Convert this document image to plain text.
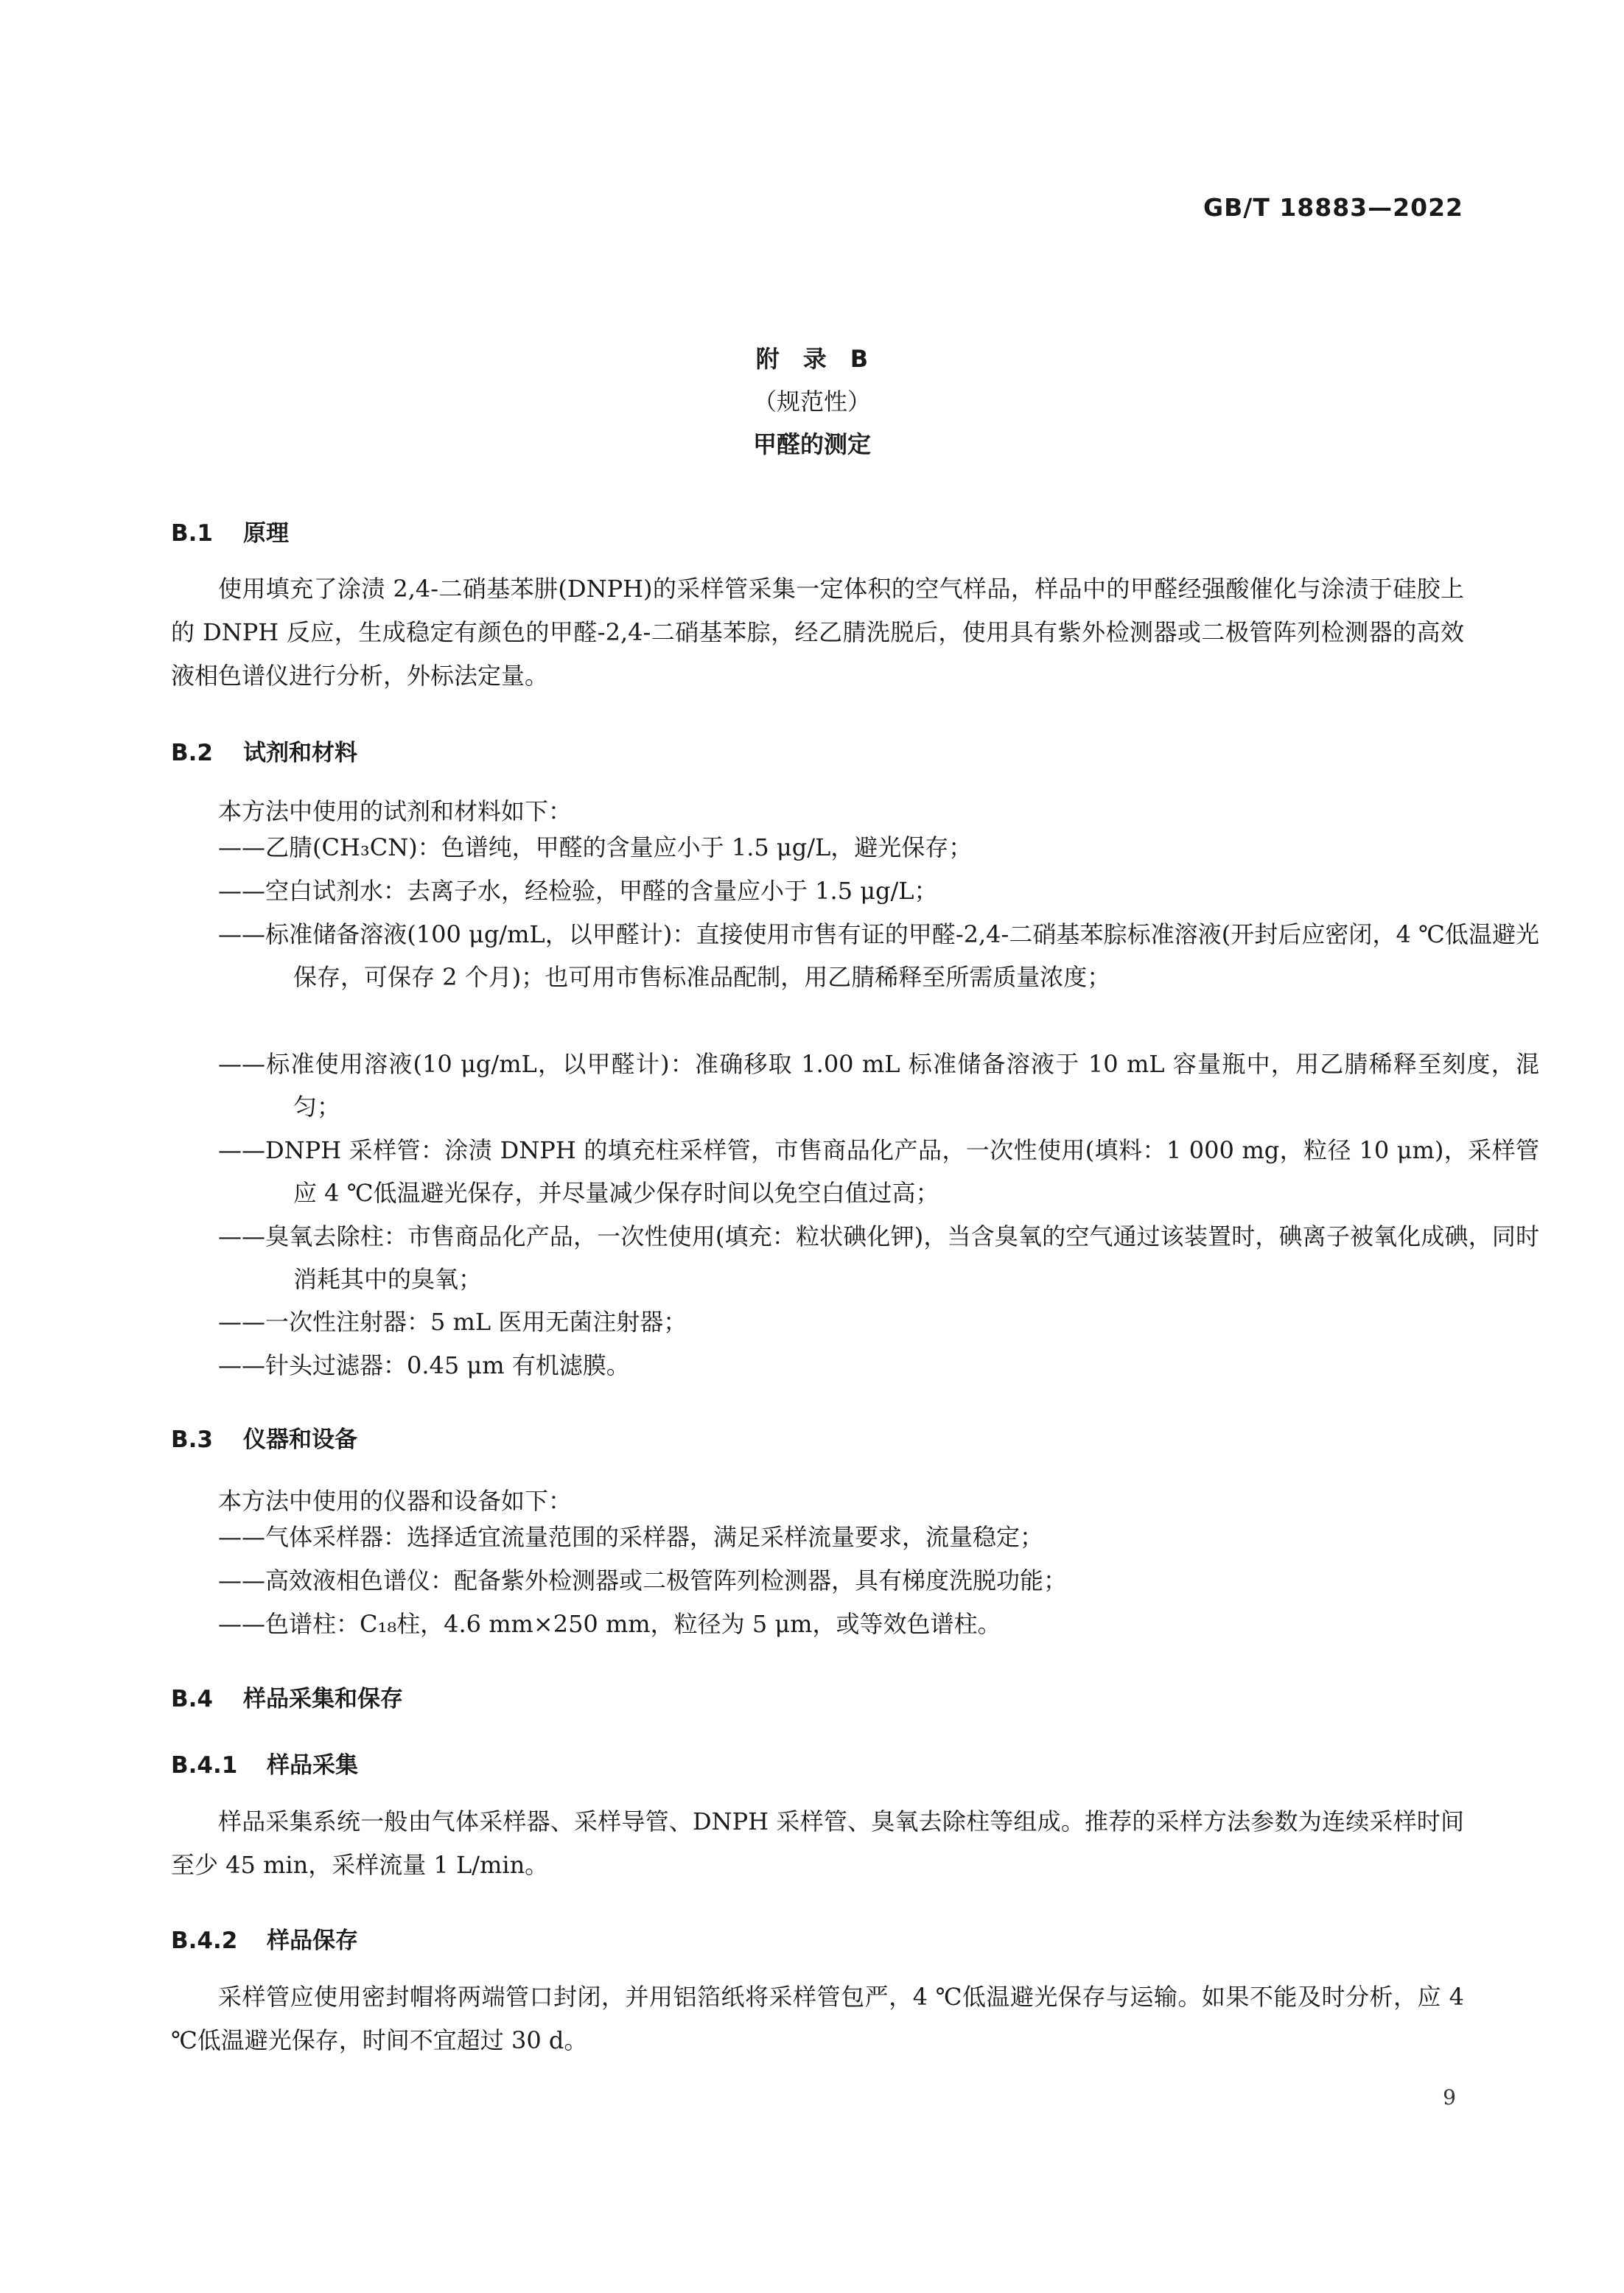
GB/T 18883—2022
附　录　B
（规范性）
甲醛的测定
B.1 原理

使用填充了涂渍 2,4-二硝基苯肼(DNPH)的采样管采集一定体积的空气样品，样品中的甲醛经强酸催化与涂渍于硅胶上的 DNPH 反应，生成稳定有颜色的甲醛-2,4-二硝基苯腙，经乙腈洗脱后，使用具有紫外检测器或二极管阵列检测器的高效液相色谱仪进行分析，外标法定量。

B.2 试剂和材料

本方法中使用的试剂和材料如下：

——乙腈(CH₃CN)：色谱纯，甲醛的含量应小于 1.5 μg/L，避光保存；

——空白试剂水：去离子水，经检验，甲醛的含量应小于 1.5 μg/L；

——标准储备溶液(100 μg/mL，以甲醛计)：直接使用市售有证的甲醛-2,4-二硝基苯腙标准溶液(开封后应密闭，4 ℃低温避光保存，可保存 2 个月)；也可用市售标准品配制，用乙腈稀释至所需质量浓度；

——标准使用溶液(10 μg/mL，以甲醛计)：准确移取 1.00 mL 标准储备溶液于 10 mL 容量瓶中，用乙腈稀释至刻度，混匀；

——DNPH 采样管：涂渍 DNPH 的填充柱采样管，市售商品化产品，一次性使用(填料：1 000 mg，粒径 10 μm)，采样管应 4 ℃低温避光保存，并尽量减少保存时间以免空白值过高；

——臭氧去除柱：市售商品化产品，一次性使用(填充：粒状碘化钾)，当含臭氧的空气通过该装置时，碘离子被氧化成碘，同时消耗其中的臭氧；

——一次性注射器：5 mL 医用无菌注射器；

——针头过滤器：0.45 μm 有机滤膜。

B.3 仪器和设备

本方法中使用的仪器和设备如下：

——气体采样器：选择适宜流量范围的采样器，满足采样流量要求，流量稳定；

——高效液相色谱仪：配备紫外检测器或二极管阵列检测器，具有梯度洗脱功能；

——色谱柱：C₁₈柱，4.6 mm×250 mm，粒径为 5 μm，或等效色谱柱。

B.4 样品采集和保存
B.4.1 样品采集

样品采集系统一般由气体采样器、采样导管、DNPH 采样管、臭氧去除柱等组成。推荐的采样方法参数为连续采样时间至少 45 min，采样流量 1 L/min。

B.4.2 样品保存

采样管应使用密封帽将两端管口封闭，并用铝箔纸将采样管包严，4 ℃低温避光保存与运输。如果不能及时分析，应 4 ℃低温避光保存，时间不宜超过 30 d。

9
